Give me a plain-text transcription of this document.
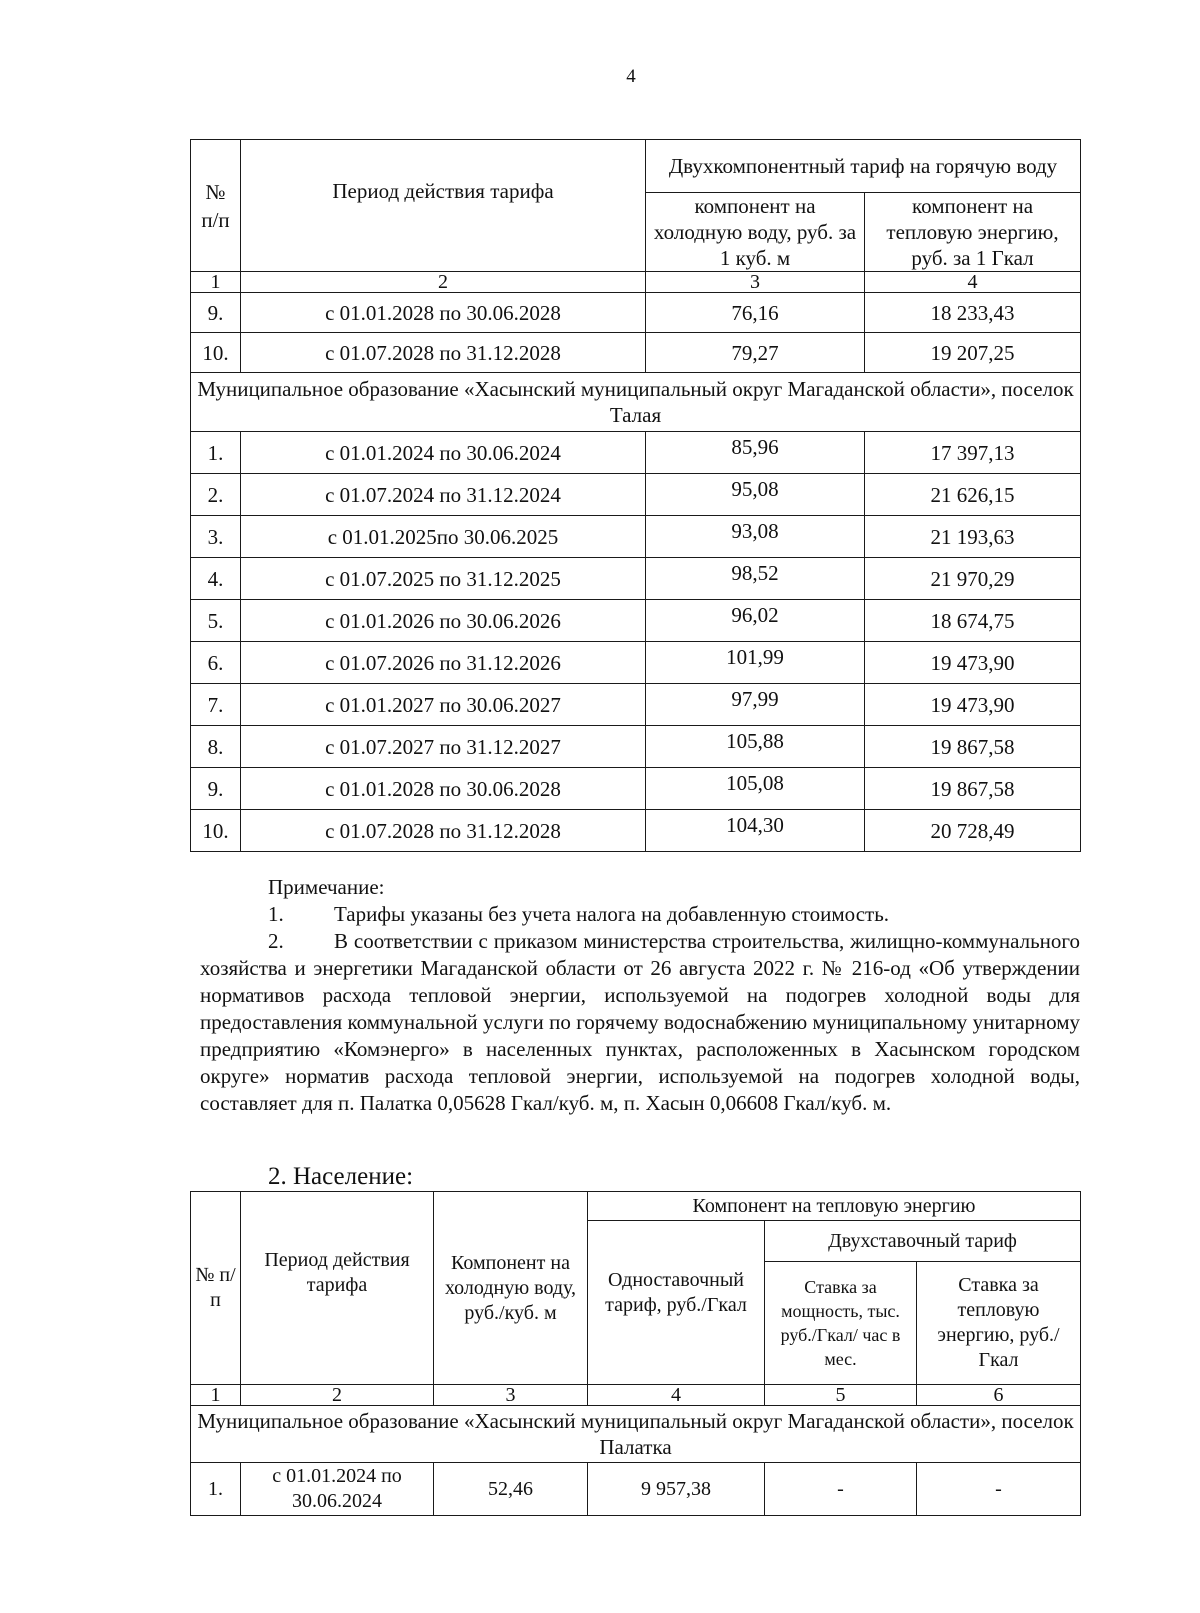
4
№ п/п	Период действия тарифа	Двухкомпонентный тариф на горячую воду	
		компонент на холодную воду, руб. за 1 куб. м	компонент на тепловую энергию, руб. за 1 Гкал
1	2	3	4
9.	с 01.01.2028 по 30.06.2028	76,16	18 233,43
10.	с 01.07.2028 по 31.12.2028	79,27	19 207,25
Муниципальное образование «Хасынский муниципальный округ Магаданской области», поселок Талая			
1.	с 01.01.2024 по 30.06.2024	85,96	17 397,13
2.	с 01.07.2024 по 31.12.2024	95,08	21 626,15
3.	с 01.01.2025по 30.06.2025	93,08	21 193,63
4.	с 01.07.2025 по 31.12.2025	98,52	21 970,29
5.	с 01.01.2026 по 30.06.2026	96,02	18 674,75
6.	с 01.07.2026 по 31.12.2026	101,99	19 473,90
7.	с 01.01.2027 по 30.06.2027	97,99	19 473,90
8.	с 01.07.2027 по 31.12.2027	105,88	19 867,58
9.	с 01.01.2028 по 30.06.2028	105,08	19 867,58
10.	с 01.07.2028 по 31.12.2028	104,30	20 728,49

Примечание:

1. Тарифы указаны без учета налога на добавленную стоимость.

2. В соответствии с приказом министерства строительства, жилищно-коммунального хозяйства и энергетики Магаданской области от 26 августа 2022 г. № 216-од «Об утверждении нормативов расхода тепловой энергии, используемой на подогрев холодной воды для предоставления коммунальной услуги по горячему водоснабжению муниципальному унитарному предприятию «Комэнерго» в населенных пунктах, расположенных в Хасынском городском округе» норматив расхода тепловой энергии, используемой на подогрев холодной воды, составляет для п. Палатка 0,05628 Гкал/куб. м, п. Хасын 0,06608 Гкал/куб. м.

2. Население:
№ п/п	Период действия тарифа	Компонент на холодную воду, руб./куб. м	Компонент на тепловую энергию		
			Одноставочный тариф, руб./Гкал	Двухставочный тариф	
				Ставка за мощность, тыс. руб./Гкал/ час в мес.	Ставка за тепловую энергию, руб./Гкал
1	2	3	4	5	6
Муниципальное образование «Хасынский муниципальный округ Магаданской области», поселок Палатка					
1.	с 01.01.2024 по 30.06.2024	52,46	9 957,38	-	-
